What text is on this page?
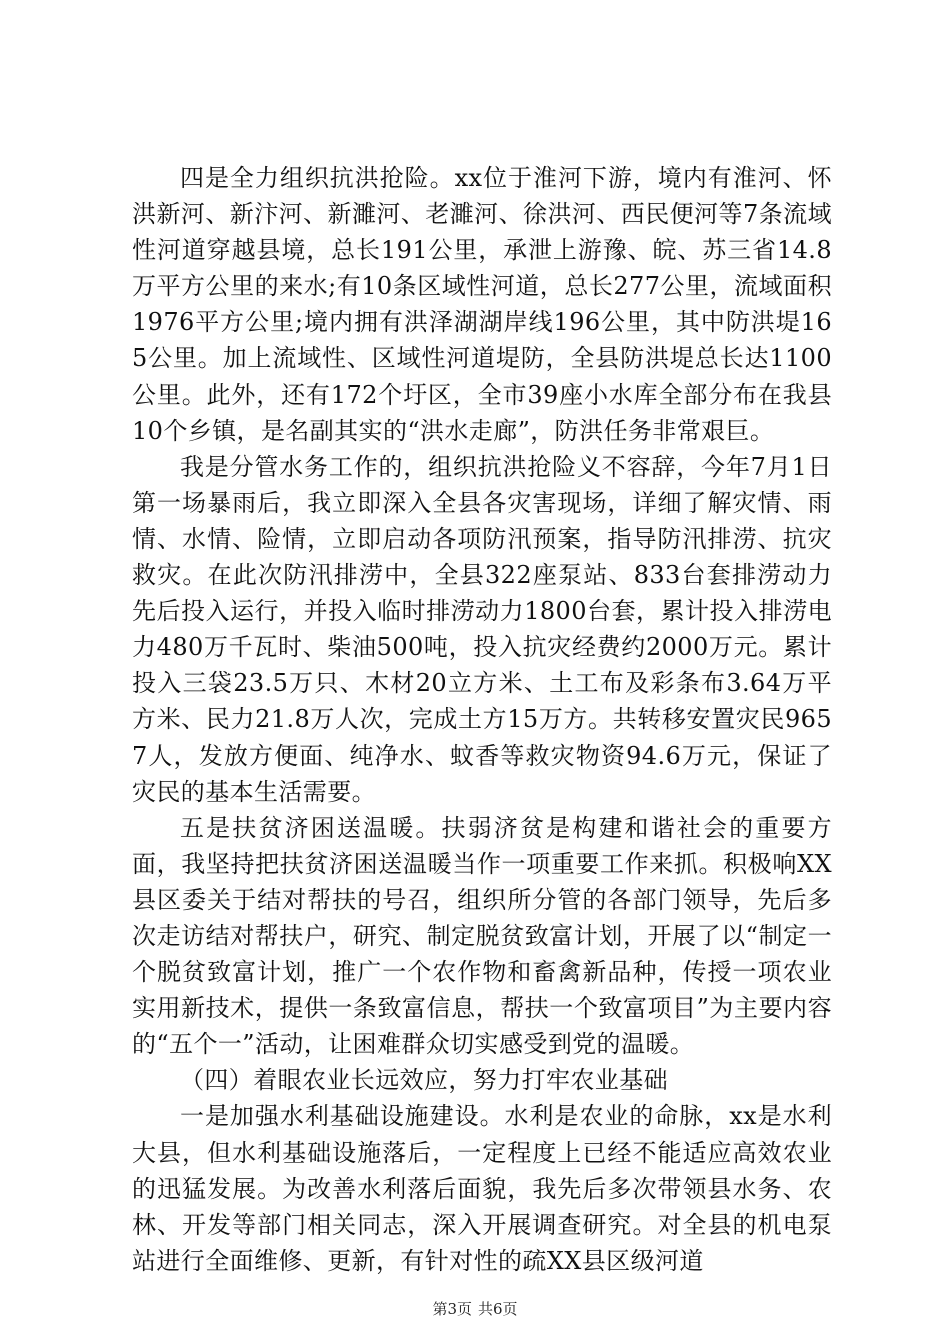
四是全力组织抗洪抢险。xx位于淮河下游，境内有淮河、怀洪新河、新汴河、新濉河、老濉河、徐洪河、西民便河等7条流域性河道穿越县境，总长191公里，承泄上游豫、皖、苏三省14.8万平方公里的来水;有10条区域性河道，总长277公里，流域面积1976平方公里;境内拥有洪泽湖湖岸线196公里，其中防洪堤165公里。加上流域性、区域性河道堤防，全县防洪堤总长达1100公里。此外，还有172个圩区，全市39座小水库全部分布在我县10个乡镇，是名副其实的“洪水走廊”，防洪任务非常艰巨。

我是分管水务工作的，组织抗洪抢险义不容辞，今年7月1日第一场暴雨后，我立即深入全县各灾害现场，详细了解灾情、雨情、水情、险情，立即启动各项防汛预案，指导防汛排涝、抗灾救灾。在此次防汛排涝中，全县322座泵站、833台套排涝动力先后投入运行，并投入临时排涝动力1800台套，累计投入排涝电力480万千瓦时、柴油500吨，投入抗灾经费约2000万元。累计投入三袋23.5万只、木材20立方米、土工布及彩条布3.64万平方米、民力21.8万人次，完成土方15万方。共转移安置灾民9657人，发放方便面、纯净水、蚊香等救灾物资94.6万元，保证了灾民的基本生活需要。

五是扶贫济困送温暖。扶弱济贫是构建和谐社会的重要方面，我坚持把扶贫济困送温暖当作一项重要工作来抓。积极响XX县区委关于结对帮扶的号召，组织所分管的各部门领导，先后多次走访结对帮扶户，研究、制定脱贫致富计划，开展了以“制定一个脱贫致富计划，推广一个农作物和畜禽新品种，传授一项农业实用新技术，提供一条致富信息，帮扶一个致富项目”为主要内容的“五个一”活动，让困难群众切实感受到党的温暖。

（四）着眼农业长远效应，努力打牢农业基础

一是加强水利基础设施建设。水利是农业的命脉，xx是水利大县，但水利基础设施落后，一定程度上已经不能适应高效农业的迅猛发展。为改善水利落后面貌，我先后多次带领县水务、农林、开发等部门相关同志，深入开展调查研究。对全县的机电泵站进行全面维修、更新，有针对性的疏XX县区级河道

第3页 共6页
